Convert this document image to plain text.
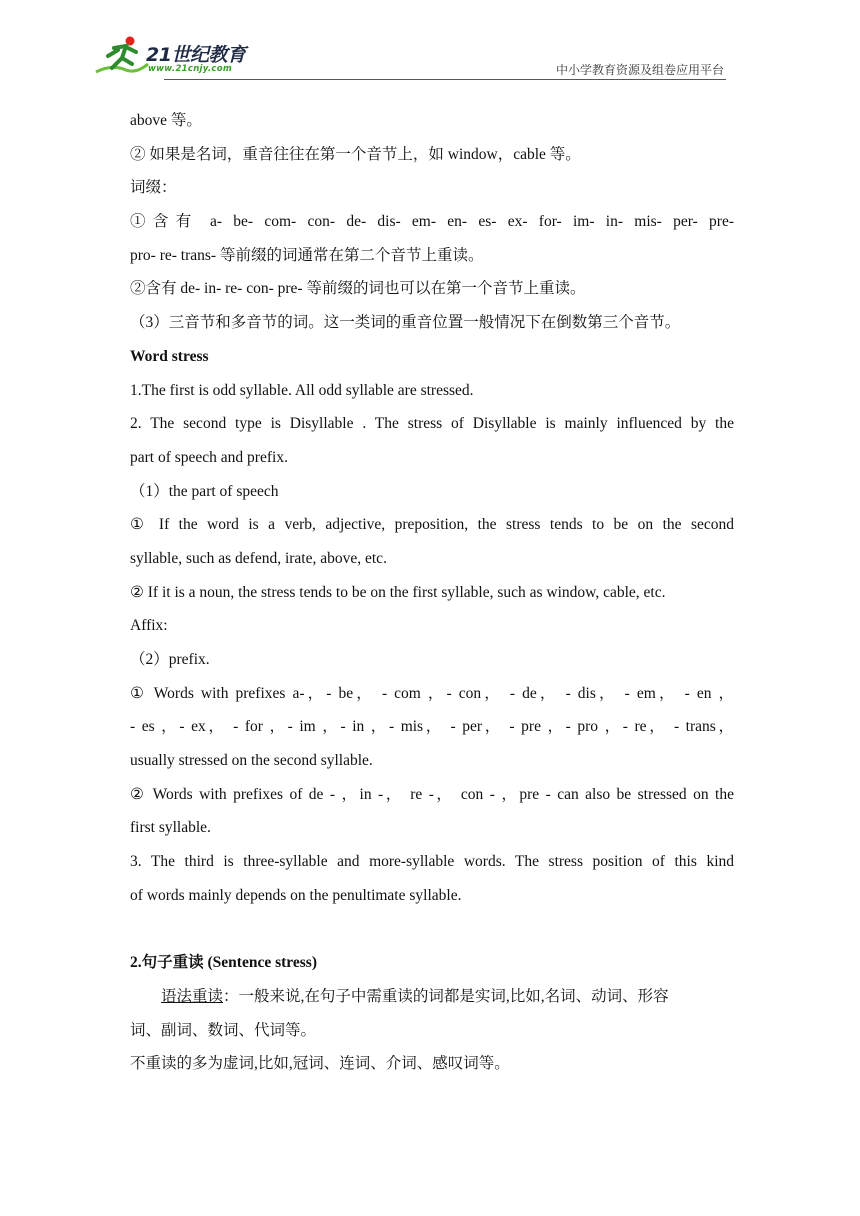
21世纪教育
www.21cnjy.com	中小学教育资源及组卷应用平台
above 等。
② 如果是名词，重音往往在第一个音节上，如 window，cable 等。
词缀：
①含有 a- be- com- con- de- dis- em- en- es- ex- for- im- in- mis- per- pre-
pro- re- trans- 等前缀的词通常在第二个音节上重读。
②含有 de- in- re- con- pre- 等前缀的词也可以在第一个音节上重读。
（3）三音节和多音节的词。这一类词的重音位置一般情况下在倒数第三个音节。
Word stress
1.The first is odd syllable. All odd syllable are stressed.
2. The second type is Disyllable . The stress of Disyllable is mainly influenced by the
part of speech and prefix.
（1）the part of speech
① If the word is a verb, adjective, preposition, the stress tends to be on the second
syllable, such as defend, irate, above, etc.
② If it is a noun, the stress tends to be on the first syllable, such as window, cable, etc.
Affix:
（2）prefix.
① Words with prefixes a-，- be， - com ，- con， - de， - dis， - em， - en ，
- es ，- ex， - for ，- im ，- in ，- mis， - per， - pre ，- pro ，- re， - trans，
usually stressed on the second syllable.
② Words with prefixes of de - ，in -， re -， con - ，pre - can also be stressed on the
first syllable.
3. The third is three-syllable and more-syllable words. The stress position of this kind
of words mainly depends on the penultimate syllable.
2.句子重读 (Sentence stress)
语法重读：一般来说,在句子中需重读的词都是实词,比如,名词、动词、形容
词、副词、数词、代词等。
不重读的多为虚词,比如,冠词、连词、介词、感叹词等。
